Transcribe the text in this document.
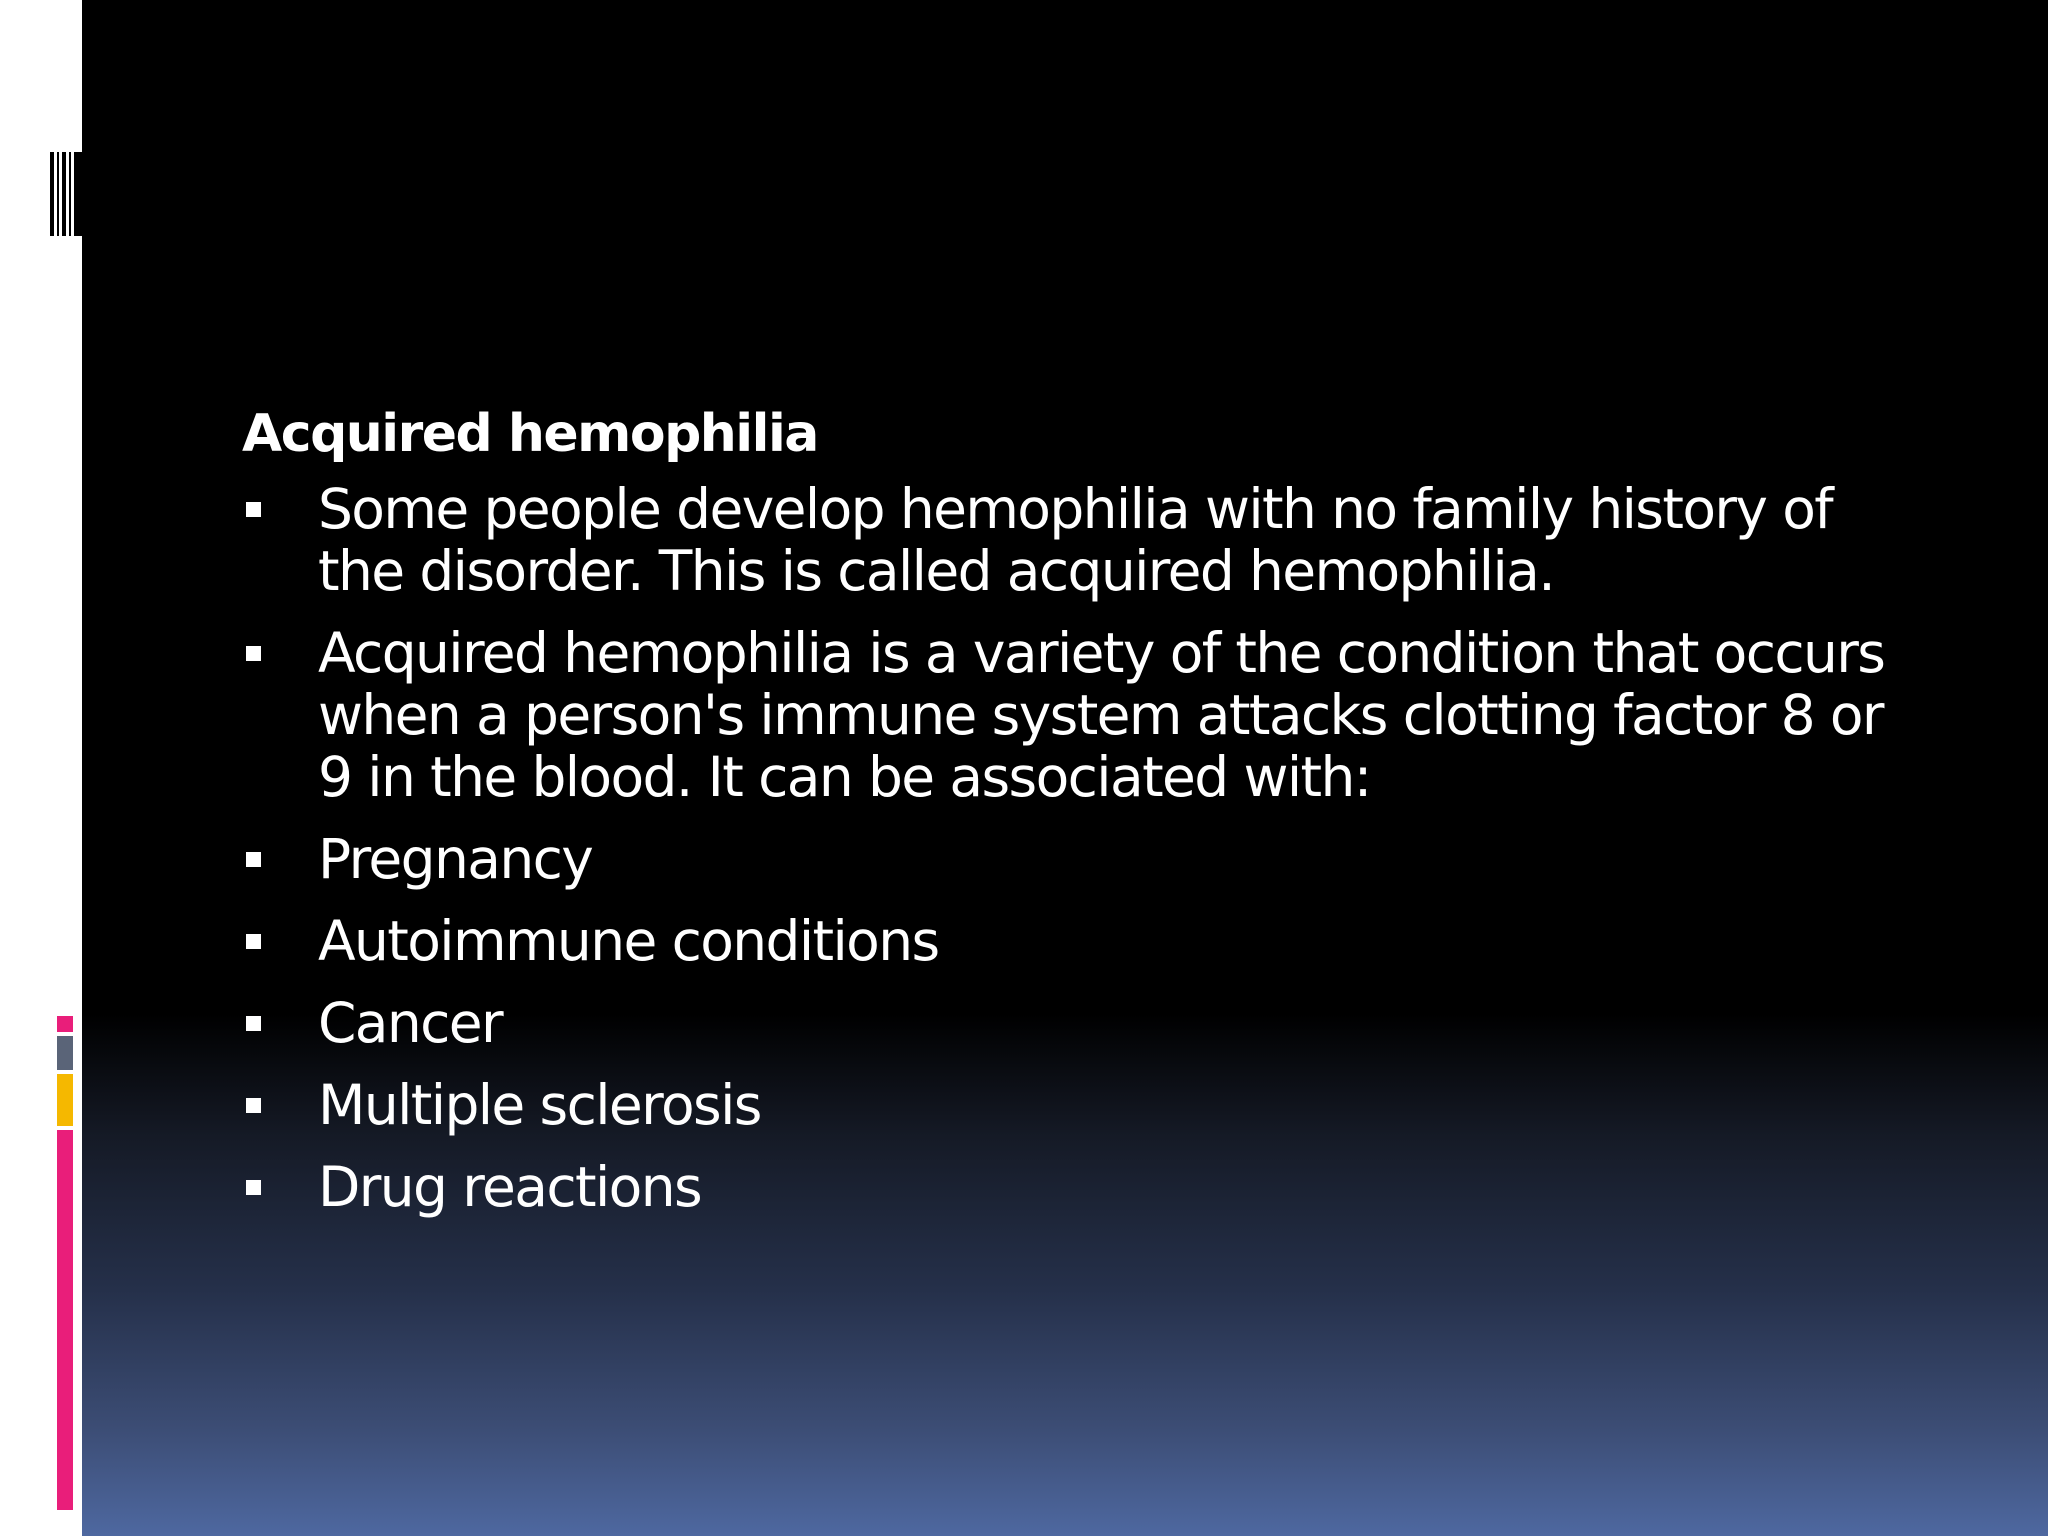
Acquired hemophilia
Some people develop hemophilia with no family history of the disorder. This is called acquired hemophilia.
Acquired hemophilia is a variety of the condition that occurs when a person's immune system attacks clotting factor 8 or 9 in the blood. It can be associated with:
Pregnancy
Autoimmune conditions
Cancer
Multiple sclerosis
Drug reactions
